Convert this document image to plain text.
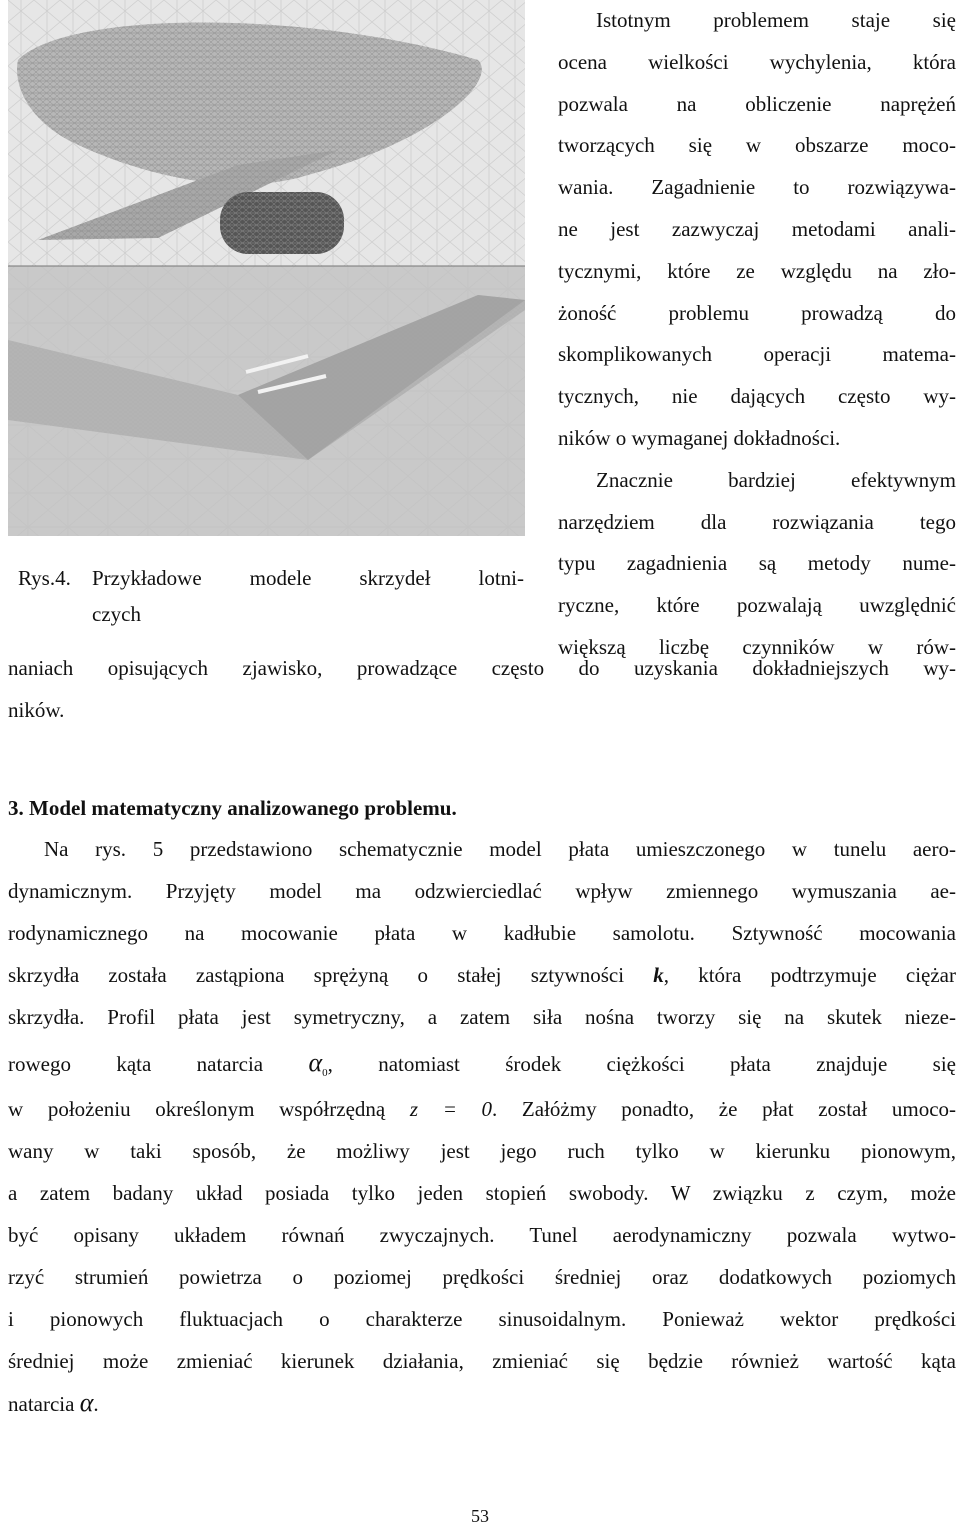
Istotnym problemem staje się
ocena wielkości wychylenia, która
pozwala na obliczenie naprężeń
tworzących się w obszarze moco-
wania. Zagadnienie to rozwiązywa-
ne jest zazwyczaj metodami anali-
tycznymi, które ze względu na zło-
żoność problemu prowadzą do
skomplikowanych operacji matema-
tycznych, nie dających często wy-
ników o wymaganej dokładności.
Znacznie bardziej efektywnym
narzędziem dla rozwiązania tego
typu zagadnienia są metody nume-
ryczne, które pozwalają uwzględnić
większą liczbę czynników w rów-
Rys.4. Przykładowe modele skrzydeł lotni-
czych
naniach opisujących zjawisko, prowadzące często do uzyskania dokładniejszych wy-
ników.
3. Model matematyczny analizowanego problemu.
Na rys. 5 przedstawiono schematycznie model płata umieszczonego w tunelu aero-
dynamicznym. Przyjęty model ma odzwierciedlać wpływ zmiennego wymuszania ae-
rodynamicznego na mocowanie płata w kadłubie samolotu. Sztywność mocowania
skrzydła została zastąpiona sprężyną o stałej sztywności k, która podtrzymuje ciężar
skrzydła. Profil płata jest symetryczny, a zatem siła nośna tworzy się na skutek nieze-
rowego kąta natarcia $\alpha_0$, natomiast środek ciężkości płata znajduje się
w położeniu określonym współrzędną z = 0. Załóżmy ponadto, że płat został umoco-
wany w taki sposób, że możliwy jest jego ruch tylko w kierunku pionowym,
a zatem badany układ posiada tylko jeden stopień swobody. W związku z czym, może
być opisany układem równań zwyczajnych. Tunel aerodynamiczny pozwala wytwo-
rzyć strumień powietrza o poziomej prędkości średniej oraz dodatkowych poziomych
i pionowych fluktuacjach o charakterze sinusoidalnym. Ponieważ wektor prędkości
średniej może zmieniać kierunek działania, zmieniać się będzie również wartość kąta
natarcia α.
53
